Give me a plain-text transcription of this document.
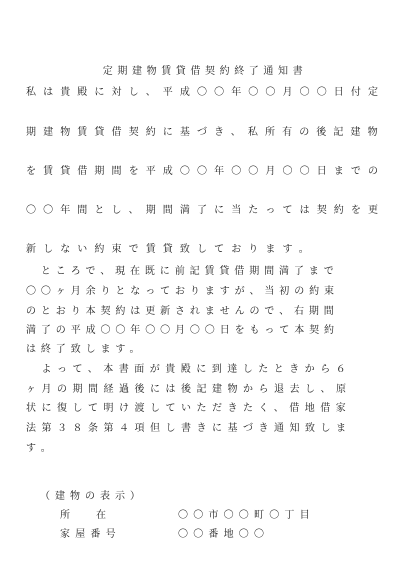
定期建物賃貸借契約終了通知書
私は貴殿に対し、平成〇〇年〇〇月〇〇日付定
期建物賃貸借契約に基づき、私所有の後記建物
を賃貸借期間を平成〇〇年〇〇月〇〇日までの
〇〇年間とし、期間満了に当たっては契約を更
新しない約束で賃貸致しております。
　ところで、現在既に前記賃貸借期間満了まで
〇〇ヶ月余りとなっておりますが、当初の約束
のとおり本契約は更新されませんので、右期間
満了の平成〇〇年〇〇月〇〇日をもって本契約
は終了致します。
　よって、本書面が貴殿に到達したときから６
ヶ月の期間経過後には後記建物から退去し、原
状に復して明け渡していただきたく、借地借家
法第３８条第４項但し書きに基づき通知致しま
す。
（建物の表示）
所在	〇〇市〇〇町〇丁目
家屋番号	〇〇番地〇〇
